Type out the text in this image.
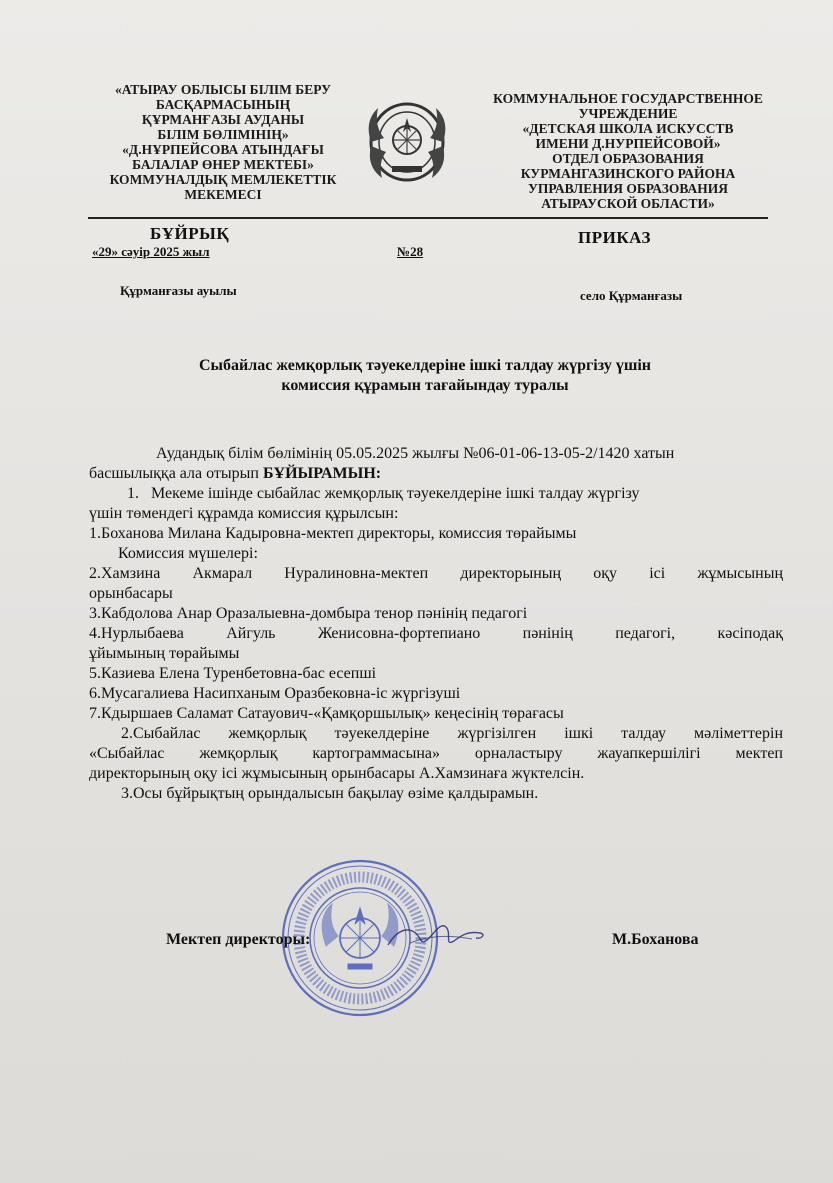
«АТЫРАУ ОБЛЫСЫ БІЛІМ БЕРУ
БАСҚАРМАСЫНЫҢ
ҚҰРМАНҒАЗЫ АУДАНЫ
БІЛІМ БӨЛІМІНІҢ»
«Д.НҰРПЕЙСОВА АТЫНДАҒЫ
БАЛАЛАР ӨНЕР МЕКТЕБІ»
КОММУНАЛДЫҚ МЕМЛЕКЕТТІК
МЕКЕМЕСІ
КОММУНАЛЬНОЕ ГОСУДАРСТВЕННОЕ
УЧРЕЖДЕНИЕ
«ДЕТСКАЯ ШКОЛА ИСКУССТВ
ИМЕНИ Д.НУРПЕЙСОВОЙ»
ОТДЕЛ ОБРАЗОВАНИЯ
КУРМАНГАЗИНСКОГО РАЙОНА
УПРАВЛЕНИЯ ОБРАЗОВАНИЯ
АТЫРАУСКОЙ ОБЛАСТИ»
БҰЙРЫҚ	ПРИКАЗ
«29» сәуір 2025 жыл	№28
Құрманғазы ауылы	село Құрманғазы
Сыбайлас жемқорлық тәуекелдеріне ішкі талдау жүргізу үшін
комиссия құрамын тағайындау туралы
Аудандық білім бөлімінің 05.05.2025 жылғы №06-01-06-13-05-2/1420 хатын
басшылыққа ала отырып БҰЙЫРАМЫН:
1. Мекеме ішінде сыбайлас жемқорлық тәуекелдеріне ішкі талдау жүргізу
үшін төмендегі құрамда комиссия құрылсын:
1.Боханова Милана Кадыровна-мектеп директоры, комиссия төрайымы
Комиссия мүшелері:
2.Хамзина Акмарал Нуралиновна-мектеп директорының оқу ісі жұмысының
орынбасары
3.Кабдолова Анар Оразалыевна-домбыра тенор пәнінің педагогі
4.Нурлыбаева Айгуль Женисовна-фортепиано пәнінің педагогі, кәсіподақ
ұйымының төрайымы
5.Казиева Елена Туренбетовна-бас есепші
6.Мусагалиева Насипханым Оразбековна-іс жүргізуші
7.Кдыршаев Саламат Сатауович-«Қамқоршылық» кеңесінің төрағасы
2.Сыбайлас жемқорлық тәуекелдеріне жүргізілген ішкі талдау мәліметтерін
«Сыбайлас жемқорлық картограммасына» орналастыру жауапкершілігі мектеп
директорының оқу ісі жұмысының орынбасары А.Хамзинаға жүктелсін.
3.Осы бұйрықтың орындалысын бақылау өзіме қалдырамын.
Мектеп директоры:	М.Боханова
